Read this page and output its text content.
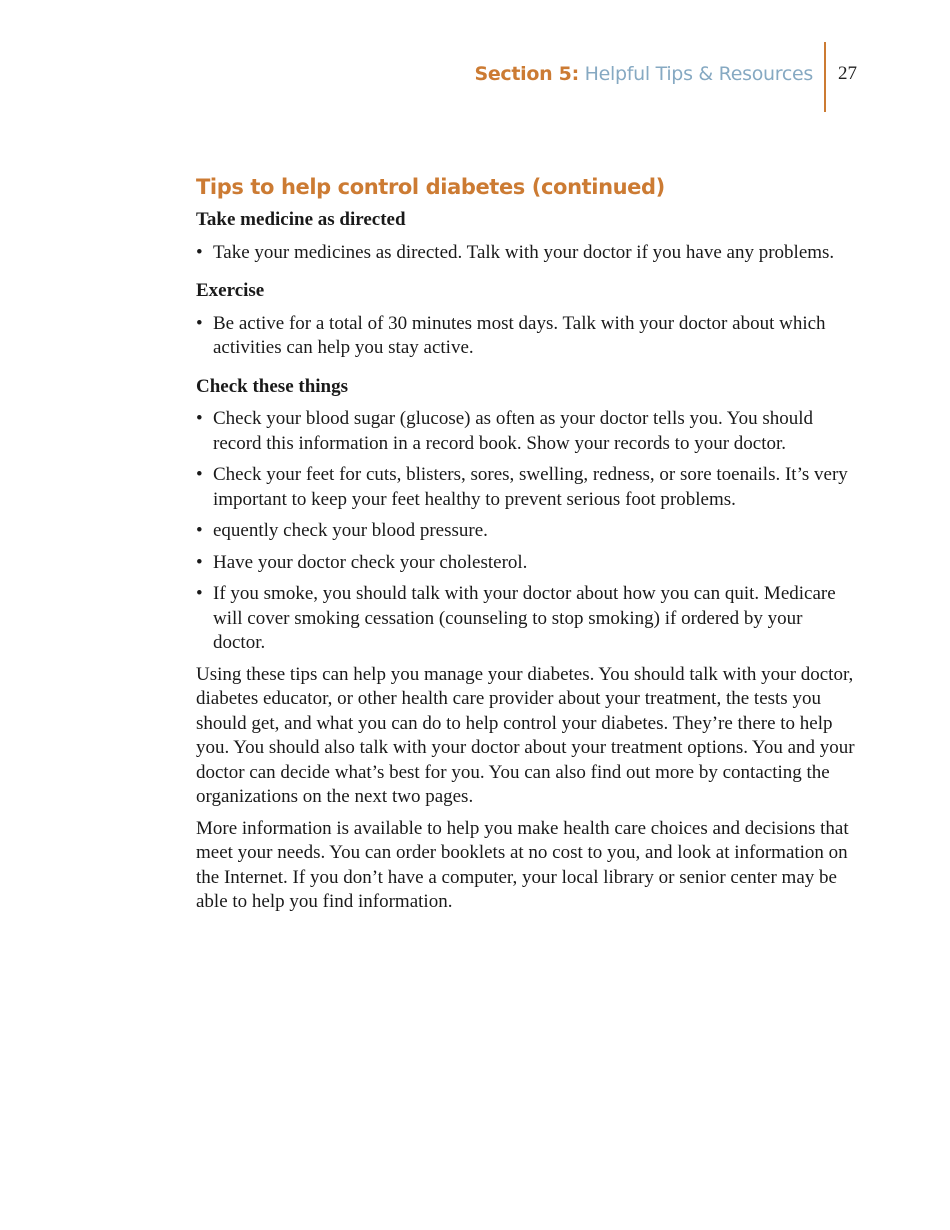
Section 5: Helpful Tips & Resources 27
Tips to help control diabetes (continued)
Take medicine as directed
• Take your medicines as directed. Talk with your doctor if you have any problems.
Exercise
• Be active for a total of 30 minutes most days. Talk with your doctor about which activities can help you stay active.
Check these things
• Check your blood sugar (glucose) as often as your doctor tells you. You should record this information in a record book. Show your records to your doctor.
• Check your feet for cuts, blisters, sores, swelling, redness, or sore toenails. It’s very important to keep your feet healthy to prevent serious foot problems.
• equently check your blood pressure.
• Have your doctor check your cholesterol.
• If you smoke, you should talk with your doctor about how you can quit. Medicare will cover smoking cessation (counseling to stop smoking) if ordered by your doctor.

Using these tips can help you manage your diabetes. You should talk with your doctor, diabetes educator, or other health care provider about your treatment, the tests you should get, and what you can do to help control your diabetes. They’re there to help you. You should also talk with your doctor about your treatment options. You and your doctor can decide what’s best for you. You can also find out more by contacting the organizations on the next two pages.

More information is available to help you make health care choices and decisions that meet your needs. You can order booklets at no cost to you, and look at information on the Internet. If you don’t have a computer, your local library or senior center may be able to help you find information.
